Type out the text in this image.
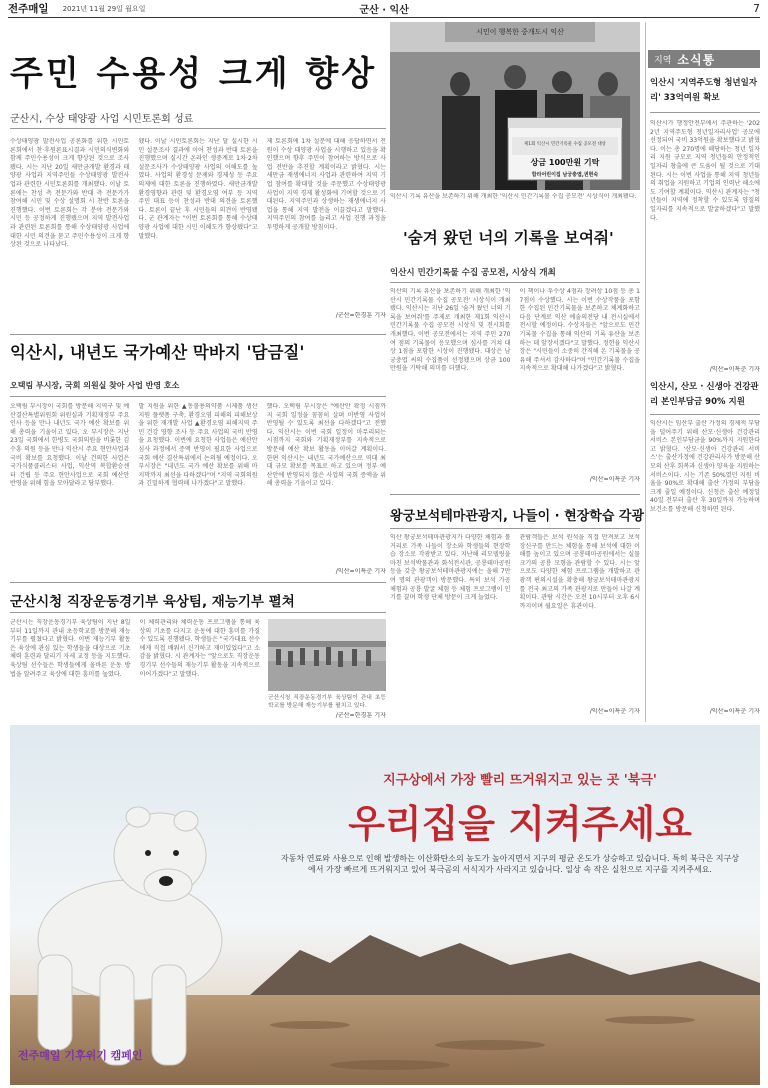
전주매일 2021년 11월 29일 월요일	군산 · 익산	7
주민 수용성 크게 향상
군산시, 수상 태양광 사업 시민토론회 성료
수상태양광 발전사업 공론화를 위한 시민토론회에서 찬·후원론표시결과 시민의식변화와 함께 주민수용성이 크게 향상된 것으로 조사됐다. 시는 지난 20일 새만금개발 환경과 태양광 사업과 지역주민들 수상태양광 발전사업과 관련한 시민토론회를 개최했다. 이날 토론에는 찬성 측 전문가와 반대 측 전문가가 참여해 시민 및 수상 설명회 시 찬반 토론을 진행했다. 이번 토론회는 각 분야 전문가와 시민 등 공정하게 진행됐으며 지역 발전사업과 관련된 토론회를 통해 수상태양광 사업에 대한 시민 의견을 묻고 주민수용성이 크게 향상된 것으로 나타났다.
됐다. 이날 시민토론회는 지난 달 실시한 시민 설문조사 결과에 이어 찬성과 반대 토론을 진행했으며 실시간 온라인 생중계로 1차·2차 설문조사가 수상태양광 사업의 이해도를 높였다. 사업의 환경성 문제와 경제성 등 주요 의제에 대한 토론을 진행하였다. 새만금개발 환경영향과 관련 및 환경오염 여부 등 지역 주민 대표 등이 찬성과 반대 의견을 토론했다. 토론이 끝난 후 시민들의 의견이 반영됐다. 군 관계자는 "이번 토론회를 통해 수상태양광 사업에 대한 시민 이해도가 향상됐다"고 말했다.
제 토론회에 1차 설문에 대해 응답하면서 전원이 수상 태양광 사업을 시행하고 있음을 확인했으며 향후 주민이 참여하는 방식으로 사업 전반을 추진할 계획이라고 밝혔다. 시는 새만금 재생에너지 사업과 관련하여 지역 기업 참여를 확대할 것을 주문했고 수상태양광 사업이 지역 경제 활성화에 기여할 것으로 기대된다. 지역주민과 상생하는 재생에너지 사업을 통해 지역 발전을 이끌겠다고 말했다. 지역주민의 참여를 늘리고 사업 진행 과정을 투명하게 공개할 방침이다.
/군산=한경훈 기자
시민이 행복한 중개도시 익산
제1회 익산시 민간기록물 수집 공모전 대상
상금 100만원 기탁
함라어린이집 남궁충엽,권현숙
익산시 기록 유산을 보존하기 위해 개최한 '익산시 민간기록물 수집 공모전' 시상식이 개최됐다.
'숨겨 왔던 너의 기록을 보여줘'
익산시 민간기록물 수집 공모전, 시상식 개최
익산의 기록 유산을 보존하기 위해 개최한 '익산시 민간기록물 수집 공모전' 시상식이 개최됐다. 익산시는 지난 26일 '숨겨 왔던 너의 기록을 보여줘'를 주제로 개최한 제1회 익산시 민간기록물 수집 공모전 시상식 및 전시회를 개최했다. 이번 공모전에서는 지역 주민 270여 점의 기록물이 응모했으며 심사를 거쳐 대상 1점을 포함한 시상이 진행됐다. 대상은 남궁충엽 씨의 수집품이 선정됐으며 상금 100만원을 기탁해 의미를 더했다.
이 책이나 우수상 4점과 장려상 10점 등 총 17점이 수상했다. 시는 이번 수상작품을 포함한 수집된 민간기록물을 보존하고 체계화하고 다음 단계로 익산 예술의전당 내 전시실에서 전시할 예정이다. 수상자들은 "앞으로도 민간기록물 수집을 통해 익산의 기록 유산을 보존하는 데 앞장서겠다"고 말했다. 정헌율 익산시장은 "시민들이 소중히 간직해 온 기록물을 공유해 주셔서 감사하다"며 "민간기록물 수집을 지속적으로 확대해 나가겠다"고 밝혔다.
/익산=이특춘 기자
익산시, 내년도 국가예산 막바지 '담금질'
오택림 부시장, 국회 의원실 찾아 사업 반영 호소
오택림 부시장이 국회를 방문해 지역구 및 예산결산특별위원회 위원실과 기획재정부 주요인사 등을 만나 내년도 국가 예산 확보를 위해 총력을 기울이고 있다. 오 부시장은 지난 23일 국회에서 한병도 국회의원을 비롯한 김수흥 의원 등을 만나 익산시 주요 현안사업과 국비 확보를 요청했다. 이날 건의한 사업은 국가식품클러스터 사업, 익산역 복합환승센터 건립 등 주요 현안사업으로 국회 예산안 반영을 위해 힘을 모아달라고 당부했다.
발 지원을 위한 ▲동물용의약품 시제품 생산지원 플랫폼 구축, 환경오염 피해의 피해보상을 위한 재개발 사업 ▲환경오염 피해지역 주민 건강 영향 조사 등 주요 사업의 국비 반영을 요청했다. 이번에 요청한 사업들은 예산안 심사 과정에서 증액 반영이 필요한 사업으로 국회 예산 결산특위에서 논의될 예정이다. 오 부시장은 "내년도 국가 예산 확보를 위해 마지막까지 최선을 다하겠다"며 "지역 국회의원과 긴밀하게 협력해 나가겠다"고 말했다.
했다. 오택림 부시장은 "예산안 확정 시점까지 국회 일정을 꼼꼼히 살펴 미반영 사업이 반영될 수 있도록 최선을 다하겠다"고 전했다. 익산시는 이번 국회 일정이 마무리되는 시점까지 국회와 기획재정부를 지속적으로 방문해 예산 확보 활동을 이어갈 계획이다. 한편 익산시는 내년도 국가예산으로 역대 최대 규모 확보를 목표로 하고 있으며 정부 예산안에 반영되지 않은 사업의 국회 증액을 위해 총력을 기울이고 있다.
/익산=이특춘 기자
왕궁보석테마관광지, 나들이 · 현장학습 각광
익산 왕궁보석테마관광지가 다양한 체험과 볼거리로 가족 나들이 장소와 학생들의 현장학습 장소로 각광받고 있다. 지난해 리모델링을 마친 보석박물관과 화석전시관, 공룡테마공원 등을 갖춘 왕궁보석테마관광지에는 올해 7만여 명의 관광객이 방문했다. 특히 보석 가공 체험과 공룡 발굴 체험 등 체험 프로그램이 인기를 끌며 학생 단체 방문이 크게 늘었다.
관람객들은 보석 원석을 직접 만져보고 보석 장신구를 만드는 체험을 통해 보석에 대한 이해를 높이고 있으며 공룡테마공원에서는 실물 크기의 공룡 모형을 관람할 수 있다. 시는 앞으로도 다양한 체험 프로그램을 개발하고 관광객 편의시설을 확충해 왕궁보석테마관광지를 전국 최고의 가족 관광지로 만들어 나갈 계획이다. 관람 시간은 오전 10시부터 오후 6시까지이며 월요일은 휴관이다.
/익산=이특춘 기자
군산시청 직장운동경기부 육상팀, 재능기부 펼쳐
군산시는 직장운동경기부 육상팀이 지난 8일부터 11일까지 관내 초등학교를 방문해 재능기부를 펼쳤다고 밝혔다. 이번 재능기부 활동은 육상에 관심 있는 학생들을 대상으로 기초 체력 훈련과 달리기 자세 교정 등을 지도했다. 육상팀 선수들은 학생들에게 올바른 운동 방법을 알려주고 육상에 대한 흥미를 높였다.
이 체력관리와 체력운동 프로그램을 통해 육상의 기초를 다지고 운동에 대한 흥미를 가질 수 있도록 진행됐다. 학생들은 "국가대표 선수에게 직접 배워서 신기하고 재미있었다"고 소감을 밝혔다. 시 관계자는 "앞으로도 직장운동경기부 선수들의 재능기부 활동을 지속적으로 이어가겠다"고 말했다.
군산시청 직장운동경기부 육상팀이 관내 초등학교를 방문해 재능기부를 펼치고 있다.
/군산=한경훈 기자
지역 소식통
익산시 '지역주도형 청년일자리' 33억여원 확보
익산시가 행정안전부에서 주관하는 '2022년 지역주도형 청년일자리사업' 공모에 선정되어 국비 33억원을 확보했다고 밝혔다. 이는 총 270명에 해당하는 청년 일자리 지원 규모로 지역 청년들의 안정적인 일자리 창출에 큰 도움이 될 것으로 기대된다. 시는 이번 사업을 통해 지역 청년들의 취업을 지원하고 기업의 인력난 해소에도 기여할 계획이다. 익산시 관계자는 "청년들이 지역에 정착할 수 있도록 양질의 일자리를 지속적으로 발굴하겠다"고 말했다.
/익산=이특춘 기자
익산시, 산모 · 신생아 건강관리 본인부담금 90% 지원
익산시는 임산부 출산 가정의 경제적 부담을 덜어주기 위해 산모·신생아 건강관리 서비스 본인부담금을 90%까지 지원한다고 밝혔다. '산모·신생아 건강관리 서비스'는 출산가정에 건강관리사가 방문해 산모의 산후 회복과 신생아 양육을 지원하는 서비스이다. 시는 기존 50%였던 지원 비율을 90%로 확대해 출산 가정의 부담을 크게 줄일 예정이다. 신청은 출산 예정일 40일 전부터 출산 후 30일까지 가능하며 보건소를 방문해 신청하면 된다.
/익산=이특춘 기자
지구상에서 가장 빨리 뜨거워지고 있는 곳 '북극'
우리집을 지켜주세요
자동차 연료와 사용으로 인해 발생하는 이산화탄소의 농도가 높아지면서 지구의 평균 온도가 상승하고 있습니다. 특히 북극은 지구상에서 가장 빠르게 뜨거워지고 있어 북극곰의 서식지가 사라지고 있습니다. 일상 속 작은 실천으로 지구를 지켜주세요.
전주매일 기후위기 캠페인
